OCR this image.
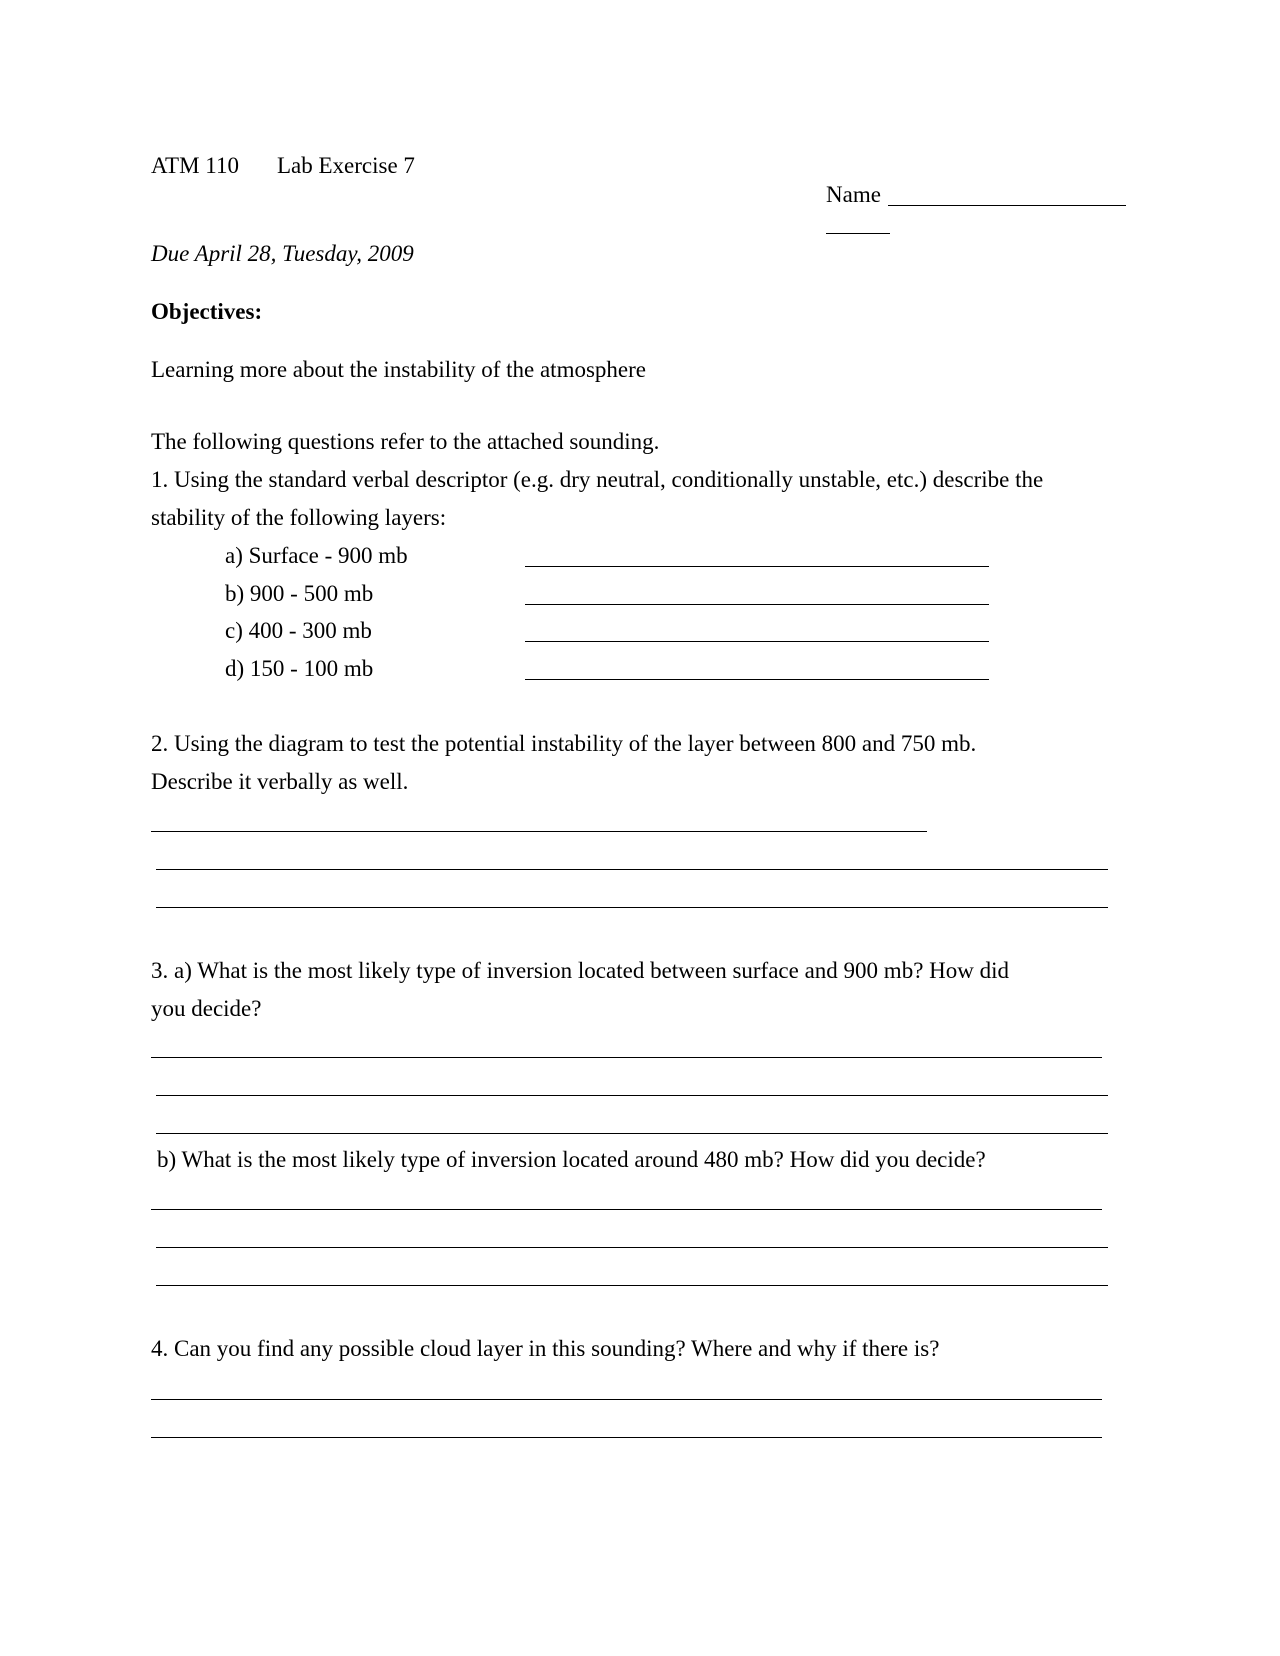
ATM 110 Lab Exercise 7
Name
Due April 28, Tuesday, 2009
Objectives:
Learning more about the instability of the atmosphere
The following questions refer to the attached sounding.
1. Using the standard verbal descriptor (e.g. dry neutral, conditionally unstable, etc.) describe the
stability of the following layers:
a) Surface - 900 mb
b) 900 - 500 mb
c) 400 - 300 mb
d) 150 - 100 mb
2. Using the diagram to test the potential instability of the layer between 800 and 750 mb.
Describe it verbally as well.
3. a) What is the most likely type of inversion located between surface and 900 mb? How did
you decide?
b) What is the most likely type of inversion located around 480 mb? How did you decide?
4. Can you find any possible cloud layer in this sounding? Where and why if there is?
